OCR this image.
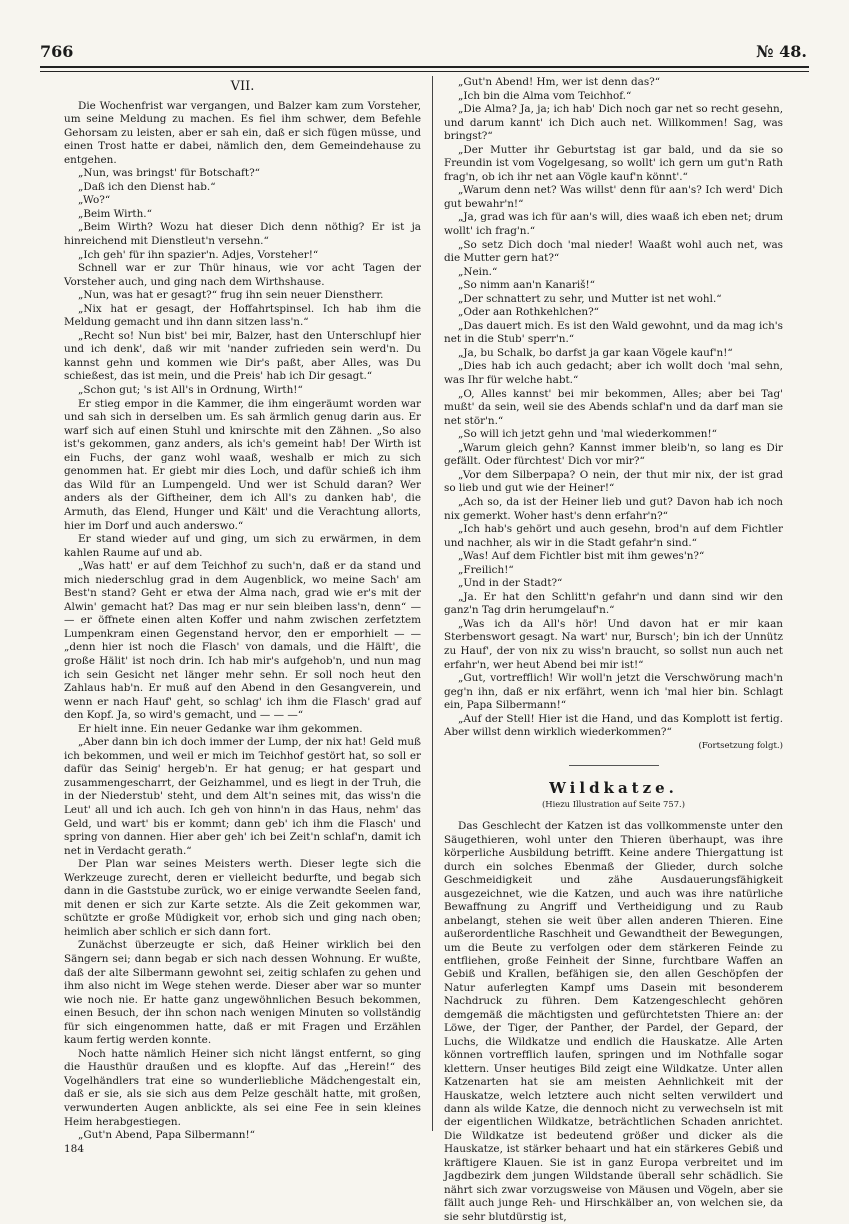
766	№ 48.
VII.

Die Wochenfrist war vergangen, und Balzer kam zum Vorsteher, um seine Meldung zu machen. Es fiel ihm schwer, dem Befehle Gehorsam zu leisten, aber er sah ein, daß er sich fügen müsse, und einen Trost hatte er dabei, nämlich den, dem Gemeindehause zu entgehen.

„Nun, was bringst' für Botschaft?“

„Daß ich den Dienst hab.“

„Wo?“

„Beim Wirth.“

„Beim Wirth? Wozu hat dieser Dich denn nöthig? Er ist ja hinreichend mit Dienstleut'n versehn.“

„Ich geh' für ihn spazier'n. Adjes, Vorsteher!“

Schnell war er zur Thür hinaus, wie vor acht Tagen der Vorsteher auch, und ging nach dem Wirthshause.

„Nun, was hat er gesagt?“ frug ihn sein neuer Dienstherr.

„Nix hat er gesagt, der Hoffahrtspinsel. Ich hab ihm die Meldung gemacht und ihn dann sitzen lass'n.“

„Recht so! Nun bist' bei mir, Balzer, hast den Unterschlupf hier und ich denk', daß wir mit 'nander zufrieden sein werd'n. Du kannst gehn und kommen wie Dir's paßt, aber Alles, was Du schießest, das ist mein, und die Preis' hab ich Dir gesagt.“

„Schon gut; 's ist All's in Ordnung, Wirth!“

Er stieg empor in die Kammer, die ihm eingeräumt worden war und sah sich in derselben um. Es sah ärmlich genug darin aus. Er warf sich auf einen Stuhl und knirschte mit den Zähnen. „So also ist's gekommen, ganz anders, als ich's gemeint hab! Der Wirth ist ein Fuchs, der ganz wohl waaß, weshalb er mich zu sich genommen hat. Er giebt mir dies Loch, und dafür schieß ich ihm das Wild für an Lumpengeld. Und wer ist Schuld daran? Wer anders als der Giftheiner, dem ich All's zu danken hab', die Armuth, das Elend, Hunger und Kält' und die Verachtung allorts, hier im Dorf und auch anderswo.“

Er stand wieder auf und ging, um sich zu erwärmen, in dem kahlen Raume auf und ab.

„Was hatt' er auf dem Teichhof zu such'n, daß er da stand und mich niederschlug grad in dem Augenblick, wo meine Sach' am Best'n stand? Geht er etwa der Alma nach, grad wie er's mit der Alwin' gemacht hat? Das mag er nur sein bleiben lass'n, denn“ — — er öffnete einen alten Koffer und nahm zwischen zerfetztem Lumpenkram einen Gegenstand hervor, den er emporhielt — — „denn hier ist noch die Flasch' von damals, und die Hälft', die große Hälit' ist noch drin. Ich hab mir's aufgehob'n, und nun mag ich sein Gesicht net länger mehr sehn. Er soll noch heut den Zahlaus hab'n. Er muß auf den Abend in den Gesangverein, und wenn er nach Hauf' geht, so schlag' ich ihm die Flasch' grad auf den Kopf. Ja, so wird's gemacht, und — — —“

Er hielt inne. Ein neuer Gedanke war ihm gekommen.

„Aber dann bin ich doch immer der Lump, der nix hat! Geld muß ich bekommen, und weil er mich im Teichhof gestört hat, so soll er dafür das Seinig' hergeb'n. Er hat genug; er hat gespart und zusammengescharrt, der Geizhammel, und es liegt in der Truh, die in der Niederstub' steht, und dem Alt'n seines mit, das wiss'n die Leut' all und ich auch. Ich geh von hinn'n in das Haus, nehm' das Geld, und wart' bis er kommt; dann geb' ich ihm die Flasch' und spring von dannen. Hier aber geh' ich bei Zeit'n schlaf'n, damit ich net in Verdacht gerath.“

Der Plan war seines Meisters werth. Dieser legte sich die Werkzeuge zurecht, deren er vielleicht bedurfte, und begab sich dann in die Gaststube zurück, wo er einige verwandte Seelen fand, mit denen er sich zur Karte setzte. Als die Zeit gekommen war, schützte er große Müdigkeit vor, erhob sich und ging nach oben; heimlich aber schlich er sich dann fort.

Zunächst überzeugte er sich, daß Heiner wirklich bei den Sängern sei; dann begab er sich nach dessen Wohnung. Er wußte, daß der alte Silbermann gewohnt sei, zeitig schlafen zu gehen und ihm also nicht im Wege stehen werde. Dieser aber war so munter wie noch nie. Er hatte ganz ungewöhnlichen Besuch bekommen, einen Besuch, der ihn schon nach wenigen Minuten so vollständig für sich eingenommen hatte, daß er mit Fragen und Erzählen kaum fertig werden konnte.

Noch hatte nämlich Heiner sich nicht längst entfernt, so ging die Hausthür draußen und es klopfte. Auf das „Herein!“ des Vogelhändlers trat eine so wunderliebliche Mädchengestalt ein, daß er sie, als sie sich aus dem Pelze geschält hatte, mit großen, verwunderten Augen anblickte, als sei eine Fee in sein kleines Heim herabgestiegen.

„Gut'n Abend, Papa Silbermann!“

„Gut'n Abend! Hm, wer ist denn das?“

„Ich bin die Alma vom Teichhof.“

„Die Alma? Ja, ja; ich hab' Dich noch gar net so recht gesehn, und darum kannt' ich Dich auch net. Willkommen! Sag, was bringst?“

„Der Mutter ihr Geburtstag ist gar bald, und da sie so Freundin ist vom Vogelgesang, so wollt' ich gern um gut'n Rath frag'n, ob ich ihr net aan Vögle kauf'n könnt'.“

„Warum denn net? Was willst' denn für aan's? Ich werd' Dich gut bewahr'n!“

„Ja, grad was ich für aan's will, dies waaß ich eben net; drum wollt' ich frag'n.“

„So setz Dich doch 'mal nieder! Waaßt wohl auch net, was die Mutter gern hat?“

„Nein.“

„So nimm aan'n Kanariš!“

„Der schnattert zu sehr, und Mutter ist net wohl.“

„Oder aan Rothkehlchen?“

„Das dauert mich. Es ist den Wald gewohnt, und da mag ich's net in die Stub' sperr'n.“

„Ja, bu Schalk, bo darfst ja gar kaan Vögele kauf'n!“

„Dies hab ich auch gedacht; aber ich wollt doch 'mal sehn, was Ihr für welche habt.“

„O, Alles kannst' bei mir bekommen, Alles; aber bei Tag' mußt' da sein, weil sie des Abends schlaf'n und da darf man sie net stör'n.“

„So will ich jetzt gehn und 'mal wiederkommen!“

„Warum gleich gehn? Kannst immer bleib'n, so lang es Dir gefällt. Oder fürchtest' Dich vor mir?“

„Vor dem Silberpapa? O nein, der thut mir nix, der ist grad so lieb und gut wie der Heiner!“

„Ach so, da ist der Heiner lieb und gut? Davon hab ich noch nix gemerkt. Woher hast's denn erfahr'n?“

„Ich hab's gehört und auch gesehn, brod'n auf dem Fichtler und nachher, als wir in die Stadt gefahr'n sind.“

„Was! Auf dem Fichtler bist mit ihm gewes'n?“

„Freilich!“

„Und in der Stadt?“

„Ja. Er hat den Schlitt'n gefahr'n und dann sind wir den ganz'n Tag drin herumgelauf'n.“

„Was ich da All's hör! Und davon hat er mir kaan Sterbenswort gesagt. Na wart' nur, Bursch'; bin ich der Unnütz zu Hauf', der von nix zu wiss'n braucht, so sollst nun auch net erfahr'n, wer heut Abend bei mir ist!“

„Gut, vortrefflich! Wir woll'n jetzt die Verschwörung mach'n geg'n ihn, daß er nix erfährt, wenn ich 'mal hier bin. Schlagt ein, Papa Silbermann!“

„Auf der Stell! Hier ist die Hand, und das Komplott ist fertig. Aber willst denn wirklich wiederkommen?“

(Fortsetzung folgt.)
Wildkatze.
(Hiezu Illustration auf Seite 757.)

Das Geschlecht der Katzen ist das vollkommenste unter den Säugethieren, wohl unter den Thieren überhaupt, was ihre körperliche Ausbildung betrifft. Keine andere Thiergattung ist durch ein solches Ebenmaß der Glieder, durch solche Geschmeidigkeit und zähe Ausdauerungsfähigkeit ausgezeichnet, wie die Katzen, und auch was ihre natürliche Bewaffnung zu Angriff und Vertheidigung und zu Raub anbelangt, stehen sie weit über allen anderen Thieren. Eine außerordentliche Raschheit und Gewandtheit der Bewegungen, um die Beute zu verfolgen oder dem stärkeren Feinde zu entfliehen, große Feinheit der Sinne, furchtbare Waffen an Gebiß und Krallen, befähigen sie, den allen Geschöpfen der Natur auferlegten Kampf ums Dasein mit besonderem Nachdruck zu führen. Dem Katzengeschlecht gehören demgemäß die mächtigsten und gefürchtetsten Thiere an: der Löwe, der Tiger, der Panther, der Pardel, der Gepard, der Luchs, die Wildkatze und endlich die Hauskatze. Alle Arten können vortrefflich laufen, springen und im Nothfalle sogar klettern. Unser heutiges Bild zeigt eine Wildkatze. Unter allen Katzenarten hat sie am meisten Aehnlichkeit mit der Hauskatze, welch letztere auch nicht selten verwildert und dann als wilde Katze, die dennoch nicht zu verwechseln ist mit der eigentlichen Wildkatze, beträchtlichen Schaden anrichtet. Die Wildkatze ist bedeutend größer und dicker als die Hauskatze, ist stärker behaart und hat ein stärkeres Gebiß und kräftigere Klauen. Sie ist in ganz Europa verbreitet und im Jagdbezirk dem jungen Wildstande überall sehr schädlich. Sie nährt sich zwar vorzugsweise von Mäusen und Vögeln, aber sie fällt auch junge Reh- und Hirschkälber an, von welchen sie, da sie sehr blutdürstig ist,

184
